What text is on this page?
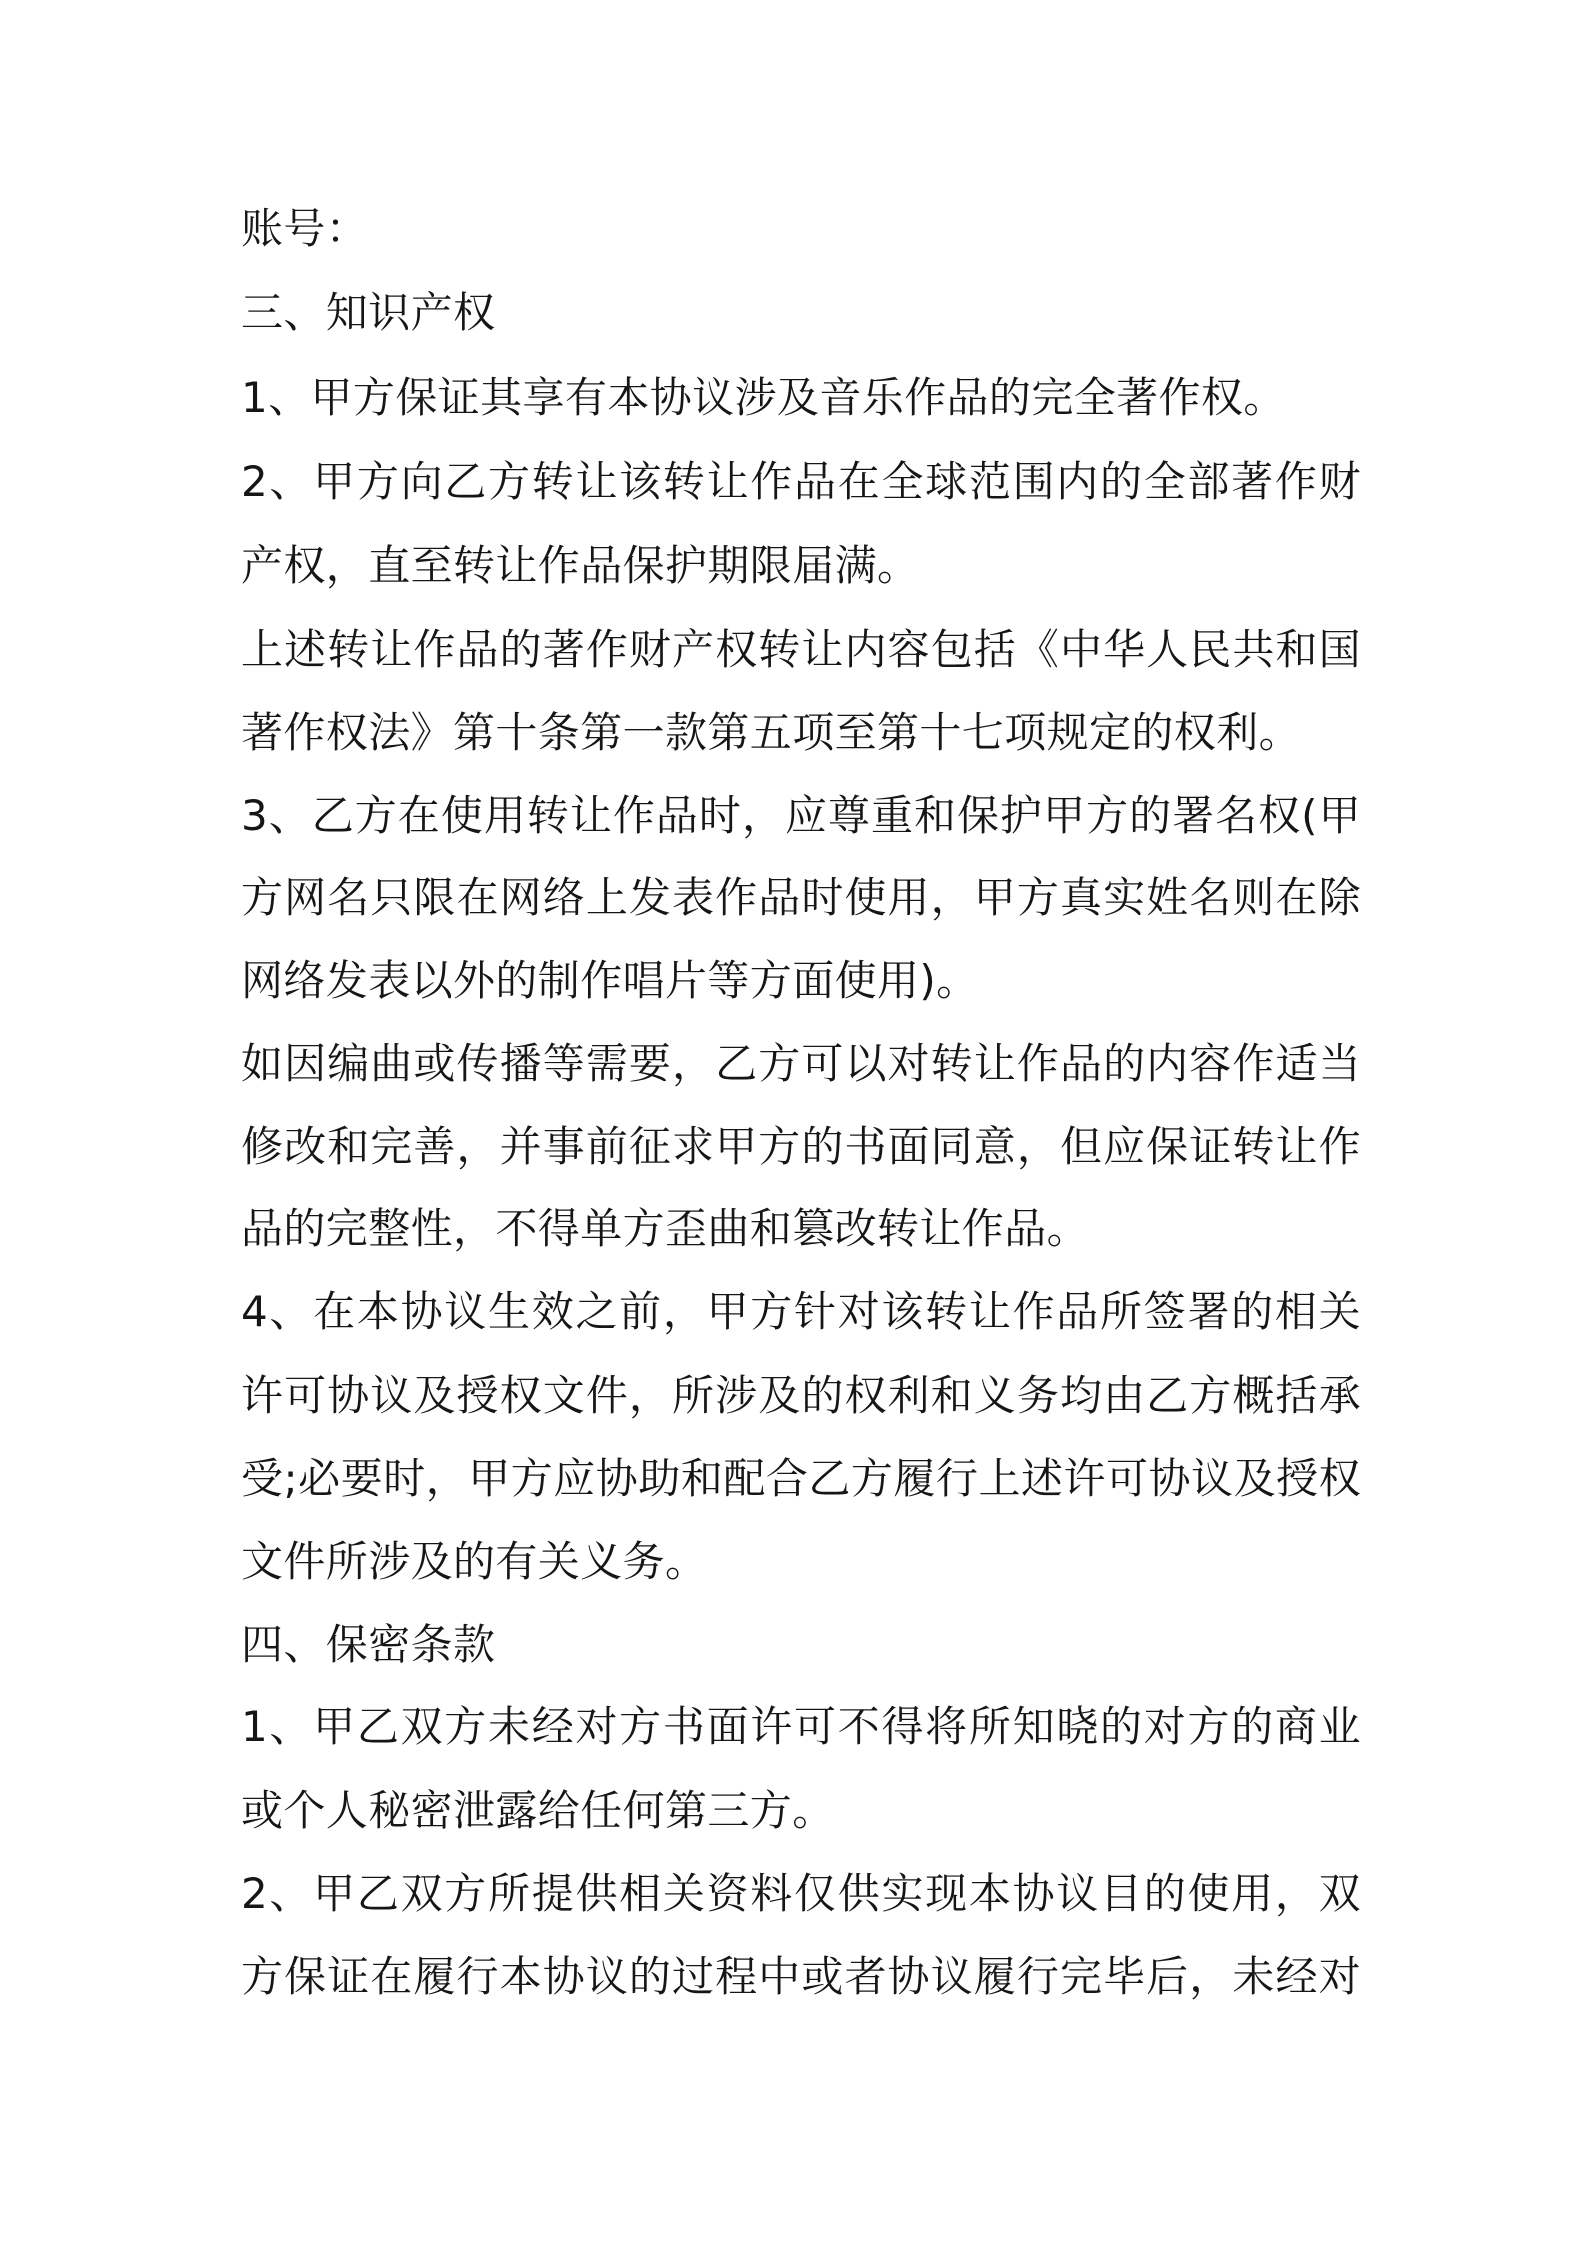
账号：
三、知识产权
1、甲方保证其享有本协议涉及音乐作品的完全著作权。
2、甲方向乙方转让该转让作品在全球范围内的全部著作财
产权，直至转让作品保护期限届满。
上述转让作品的著作财产权转让内容包括《中华人民共和国
著作权法》第十条第一款第五项至第十七项规定的权利。
3、乙方在使用转让作品时，应尊重和保护甲方的署名权(甲
方网名只限在网络上发表作品时使用，甲方真实姓名则在除
网络发表以外的制作唱片等方面使用)。
如因编曲或传播等需要，乙方可以对转让作品的内容作适当
修改和完善，并事前征求甲方的书面同意，但应保证转让作
品的完整性，不得单方歪曲和篡改转让作品。
4、在本协议生效之前，甲方针对该转让作品所签署的相关
许可协议及授权文件，所涉及的权利和义务均由乙方概括承
受;必要时，甲方应协助和配合乙方履行上述许可协议及授权
文件所涉及的有关义务。
四、保密条款
1、甲乙双方未经对方书面许可不得将所知晓的对方的商业
或个人秘密泄露给任何第三方。
2、甲乙双方所提供相关资料仅供实现本协议目的使用，双
方保证在履行本协议的过程中或者协议履行完毕后，未经对
